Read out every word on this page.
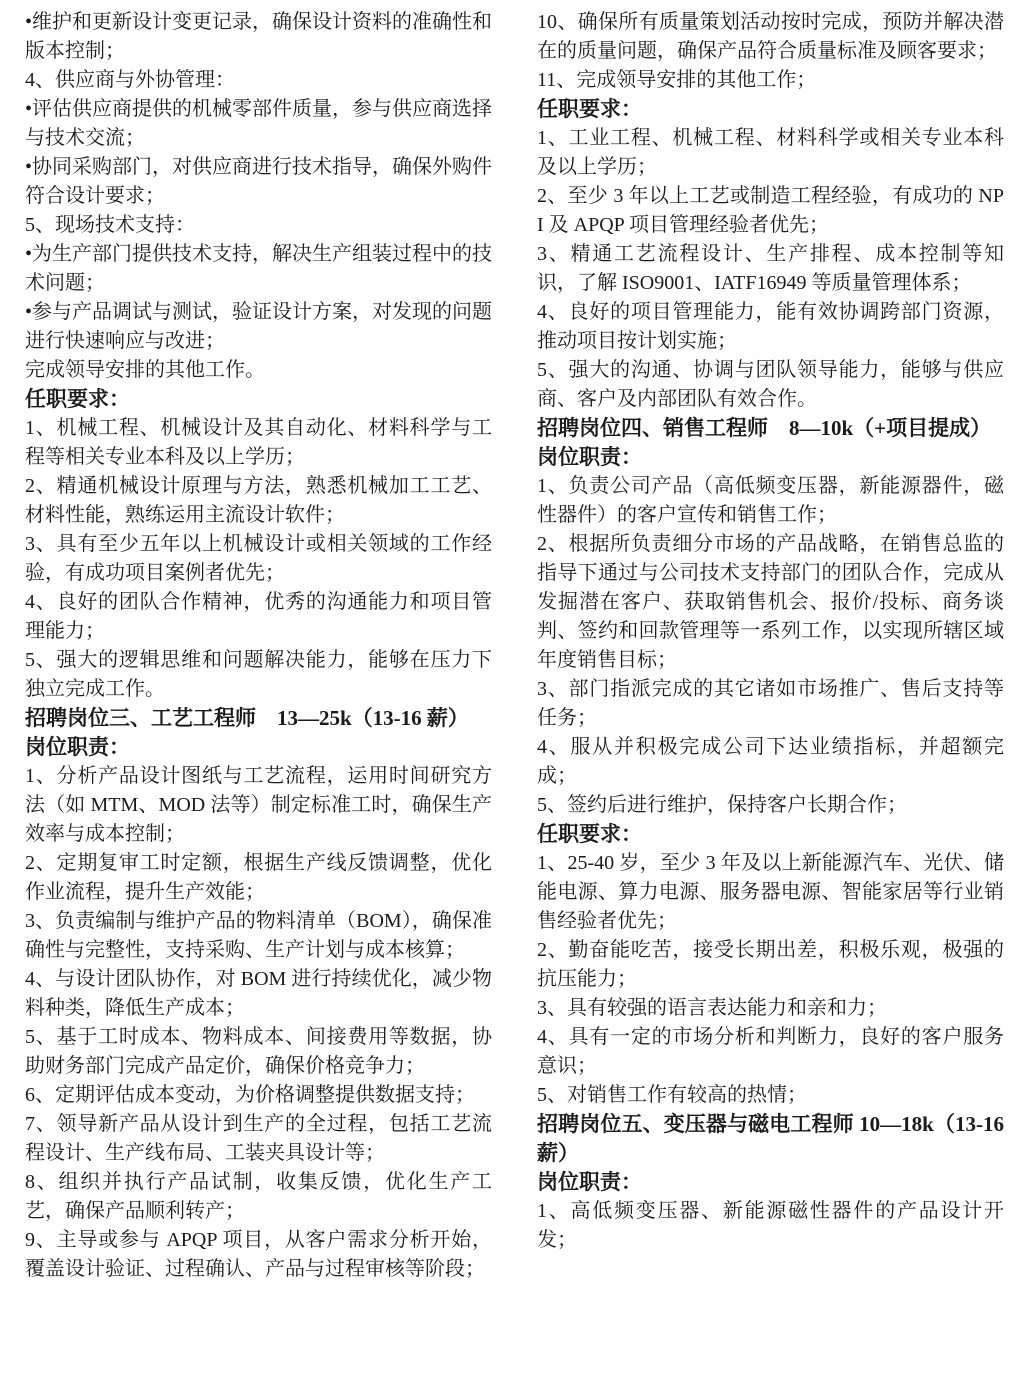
•维护和更新设计变更记录，确保设计资料的准确性和版本控制；

4、供应商与外协管理：

•评估供应商提供的机械零部件质量，参与供应商选择与技术交流；

•协同采购部门，对供应商进行技术指导，确保外购件符合设计要求；

5、现场技术支持：

•为生产部门提供技术支持，解决生产组装过程中的技术问题；

•参与产品调试与测试，验证设计方案，对发现的问题进行快速响应与改进；

完成领导安排的其他工作。

任职要求：

1、机械工程、机械设计及其自动化、材料科学与工程等相关专业本科及以上学历；

2、精通机械设计原理与方法，熟悉机械加工工艺、材料性能，熟练运用主流设计软件；

3、具有至少五年以上机械设计或相关领域的工作经验，有成功项目案例者优先；

4、良好的团队合作精神，优秀的沟通能力和项目管理能力；

5、强大的逻辑思维和问题解决能力，能够在压力下独立完成工作。

招聘岗位三、工艺工程师　13—25k（13-16 薪）

岗位职责：

1、分析产品设计图纸与工艺流程，运用时间研究方法（如 MTM、MOD 法等）制定标准工时，确保生产效率与成本控制；

2、定期复审工时定额，根据生产线反馈调整，优化作业流程，提升生产效能；

3、负责编制与维护产品的物料清单（BOM），确保准确性与完整性，支持采购、生产计划与成本核算；

4、与设计团队协作，对 BOM 进行持续优化，减少物料种类，降低生产成本；

5、基于工时成本、物料成本、间接费用等数据，协助财务部门完成产品定价，确保价格竞争力；

6、定期评估成本变动，为价格调整提供数据支持；

7、领导新产品从设计到生产的全过程，包括工艺流程设计、生产线布局、工装夹具设计等；

8、组织并执行产品试制，收集反馈，优化生产工艺，确保产品顺利转产；

9、主导或参与 APQP 项目，从客户需求分析开始，覆盖设计验证、过程确认、产品与过程审核等阶段；

10、确保所有质量策划活动按时完成，预防并解决潜在的质量问题，确保产品符合质量标准及顾客要求；

11、完成领导安排的其他工作；

任职要求：

1、工业工程、机械工程、材料科学或相关专业本科及以上学历；

2、至少 3 年以上工艺或制造工程经验，有成功的 NPI 及 APQP 项目管理经验者优先；

3、精通工艺流程设计、生产排程、成本控制等知识，了解 ISO9001、IATF16949 等质量管理体系；

4、良好的项目管理能力，能有效协调跨部门资源，推动项目按计划实施；

5、强大的沟通、协调与团队领导能力，能够与供应商、客户及内部团队有效合作。

招聘岗位四、销售工程师　8—10k（+项目提成）

岗位职责：

1、负责公司产品（高低频变压器，新能源器件，磁性器件）的客户宣传和销售工作；

2、根据所负责细分市场的产品战略，在销售总监的指导下通过与公司技术支持部门的团队合作，完成从发掘潜在客户、获取销售机会、报价/投标、商务谈判、签约和回款管理等一系列工作，以实现所辖区域年度销售目标；

3、部门指派完成的其它诸如市场推广、售后支持等任务；

4、服从并积极完成公司下达业绩指标，并超额完成；

5、签约后进行维护，保持客户长期合作；

任职要求：

1、25-40 岁，至少 3 年及以上新能源汽车、光伏、储能电源、算力电源、服务器电源、智能家居等行业销售经验者优先；

2、勤奋能吃苦，接受长期出差，积极乐观，极强的抗压能力；

3、具有较强的语言表达能力和亲和力；

4、具有一定的市场分析和判断力，良好的客户服务意识；

5、对销售工作有较高的热情；

招聘岗位五、变压器与磁电工程师 10—18k（13-16 薪）

岗位职责：

1、高低频变压器、新能源磁性器件的产品设计开发；
